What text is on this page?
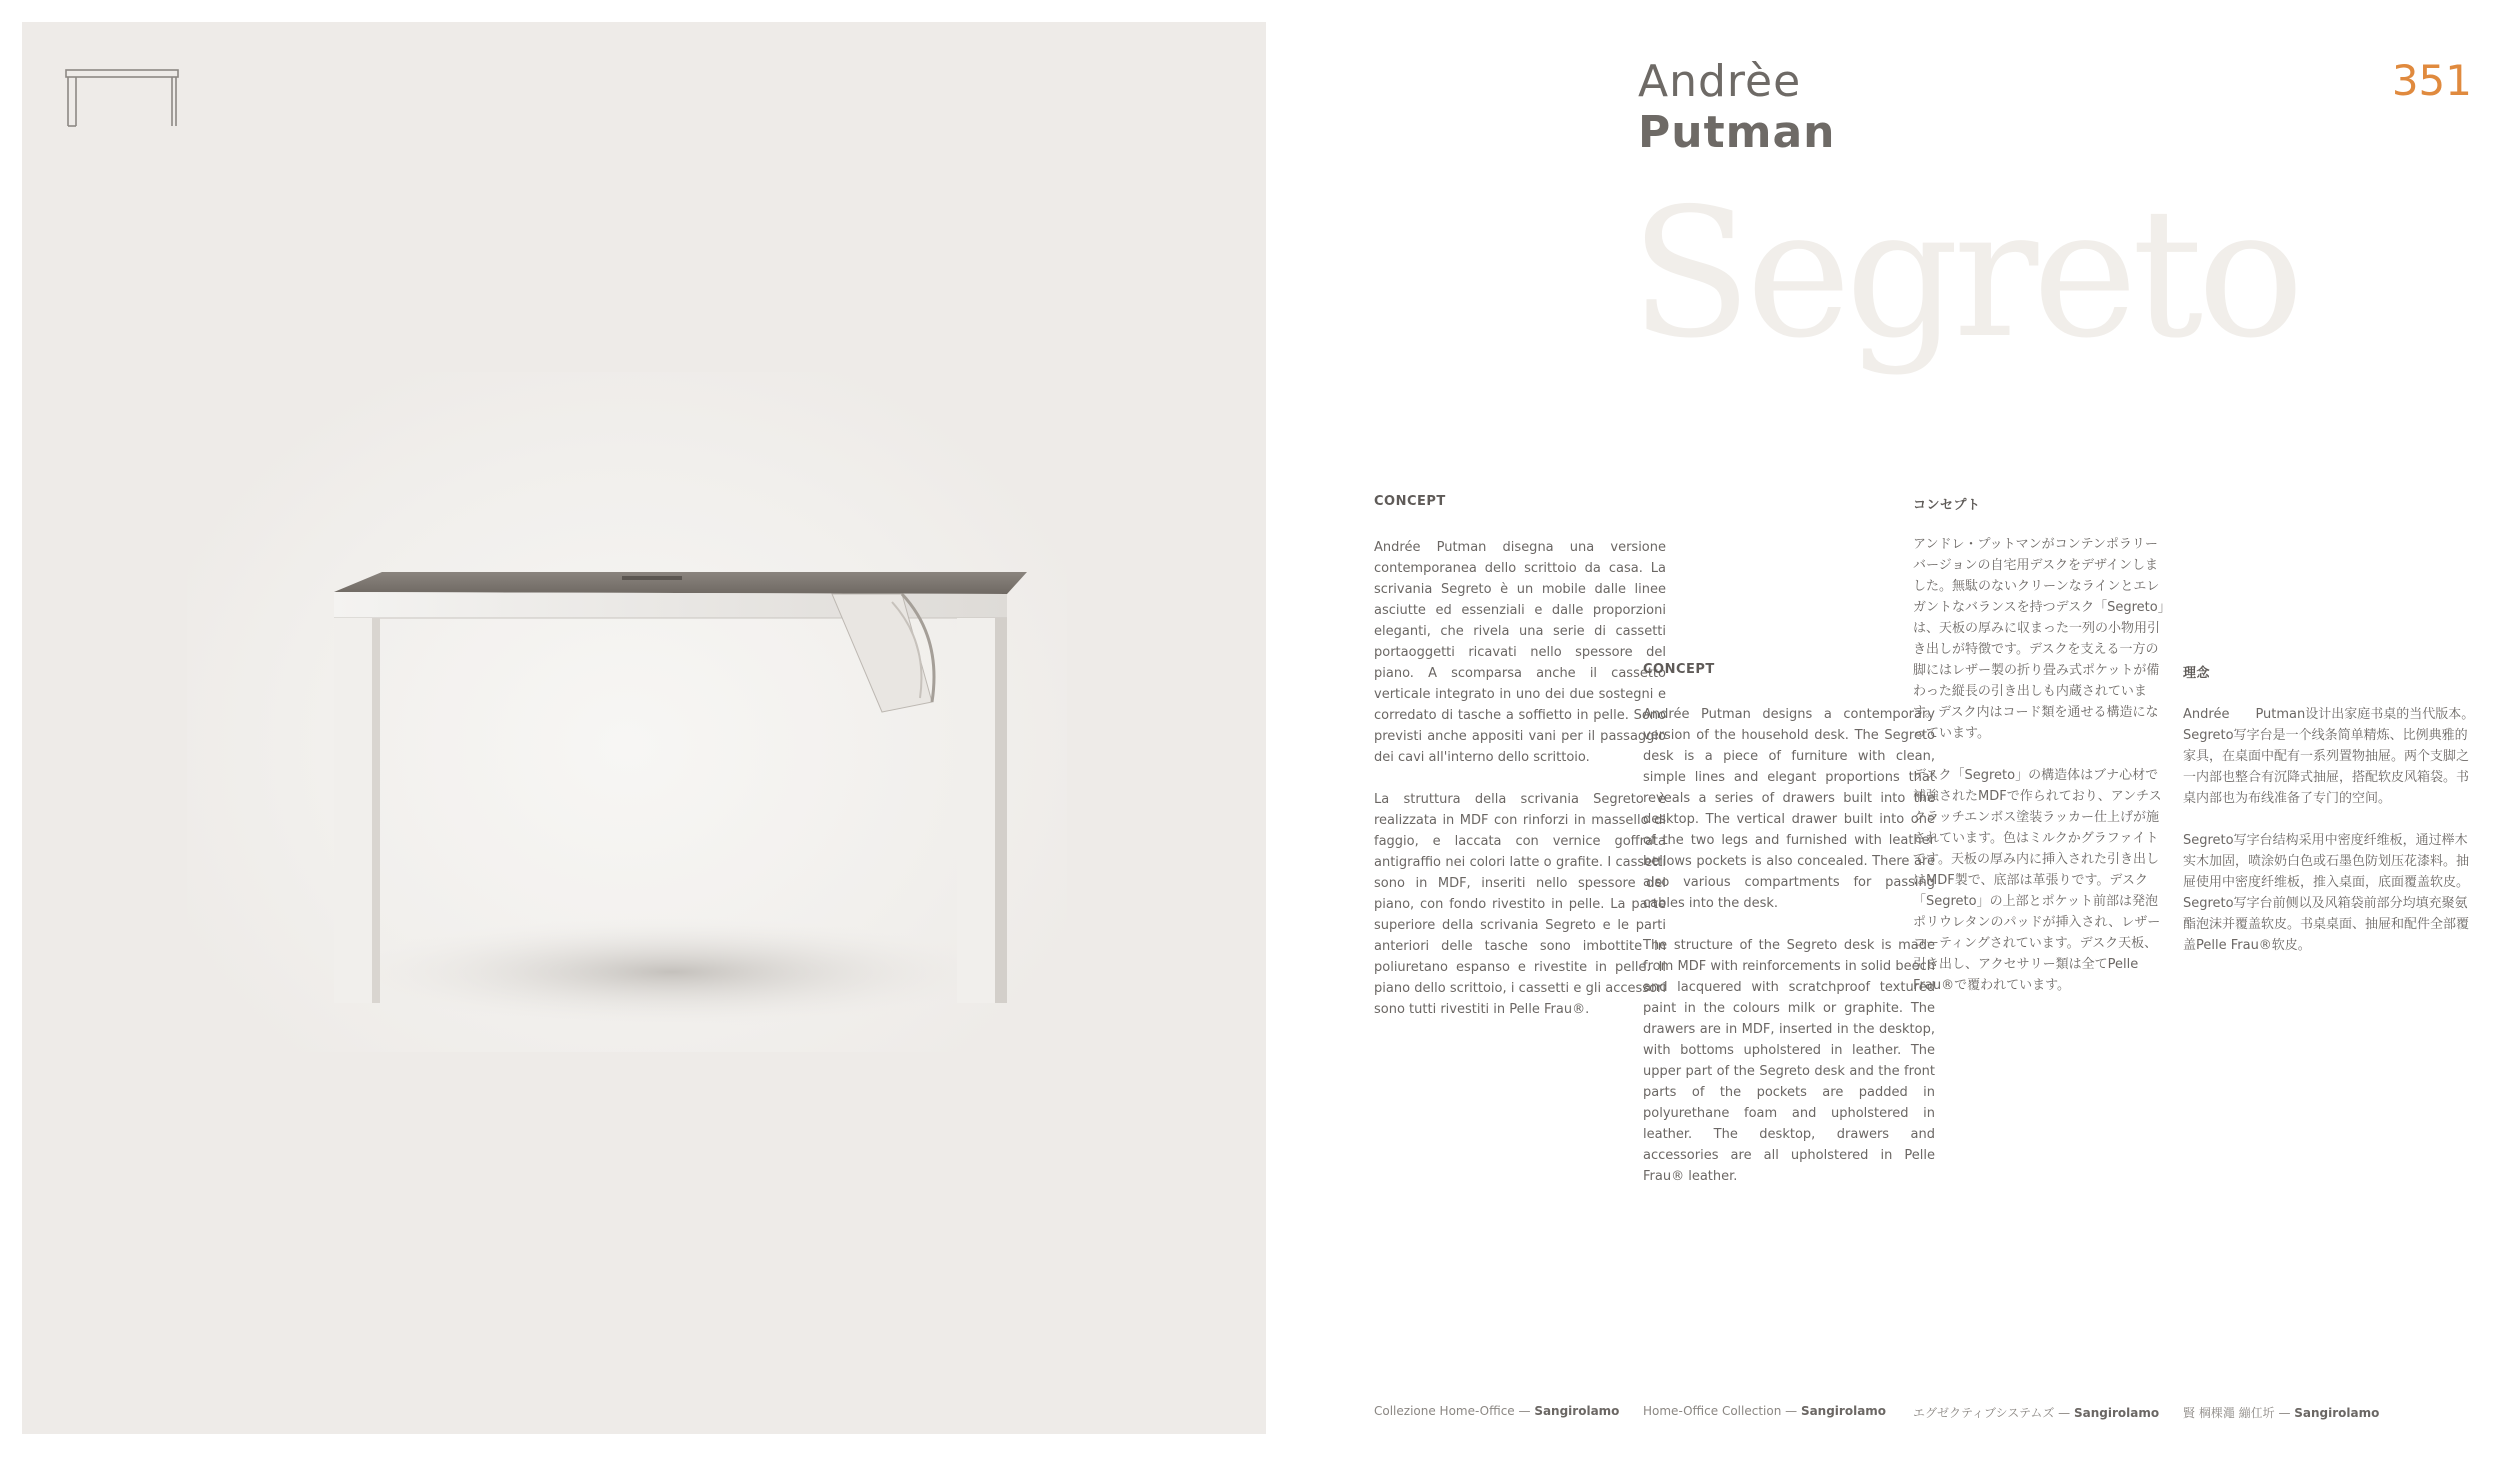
Andrèe
Putman
351
Segreto
CONCEPT

Andrée Putman disegna una versione contemporanea dello scrittoio da casa. La scrivania Segreto è un mobile dalle linee asciutte ed essenziali e dalle proporzioni eleganti, che rivela una serie di cassetti portaoggetti ricavati nello spessore del piano. A scomparsa anche il cassetto verticale integrato in uno dei due sostegni e corredato di tasche a soffietto in pelle. Sono previsti anche appositi vani per il passaggio dei cavi all'interno dello scrittoio.

La struttura della scrivania Segreto è realizzata in MDF con rinforzi in massello di faggio, e laccata con vernice goffrata antigraffio nei colori latte o grafite. I cassetti sono in MDF, inseriti nello spessore del piano, con fondo rivestito in pelle. La parte superiore della scrivania Segreto e le parti anteriori delle tasche sono imbottite in poliuretano espanso e rivestite in pelle. Il piano dello scrittoio, i cassetti e gli accessori sono tutti rivestiti in Pelle Frau®.

CONCEPT

Andrée Putman designs a contemporary version of the household desk. The Segreto desk is a piece of furniture with clean, simple lines and elegant proportions that reveals a series of drawers built into the desktop. The vertical drawer built into one of the two legs and furnished with leather bellows pockets is also concealed. There are also various compartments for passing cables into the desk.

The structure of the Segreto desk is made from MDF with reinforcements in solid beech and lacquered with scratchproof textured paint in the colours milk or graphite. The drawers are in MDF, inserted in the desktop, with bottoms upholstered in leather. The upper part of the Segreto desk and the front parts of the pockets are padded in polyurethane foam and upholstered in leather. The desktop, drawers and accessories are all upholstered in Pelle Frau® leather.

コンセプト

アンドレ・プットマンがコンテンポラリーバージョンの自宅用デスクをデザインしました。無駄のないクリーンなラインとエレガントなバランスを持つデスク「Segreto」は、天板の厚みに収まった一列の小物用引き出しが特徴です。デスクを支える一方の脚にはレザー製の折り畳み式ポケットが備わった縦長の引き出しも内蔵されています。デスク内はコード類を通せる構造になっています。

デスク「Segreto」の構造体はブナ心材で補強されたMDFで作られており、アンチスクラッチエンボス塗装ラッカー仕上げが施されています。色はミルクかグラファイトです。天板の厚み内に挿入された引き出しはMDF製で、底部は革張りです。デスク「Segreto」の上部とポケット前部は発泡ポリウレタンのパッドが挿入され、レザーコーティングされています。デスク天板、引き出し、アクセサリー類は全てPelle Frau®で覆われています。

理念

Andrée　　Putman设计出家庭书桌的当代版本。Segreto写字台是一个线条简单精炼、比例典雅的家具，在桌面中配有一系列置物抽屉。两个支脚之一内部也整合有沉降式抽屉，搭配软皮风箱袋。书桌内部也为布线准备了专门的空间。

Segreto写字台结构采用中密度纤维板，通过榉木实木加固，喷涂奶白色或石墨色防划压花漆料。抽屉使用中密度纤维板，推入桌面，底面覆盖软皮。Segreto写字台前侧以及风箱袋前部分均填充聚氨酯泡沫并覆盖软皮。书桌桌面、抽屉和配件全部覆盖Pelle Frau®软皮。

Collezione Home-Office — Sangirolamo Home-Office Collection — Sangirolamo エグゼクティブシステムズ — Sangirolamo 賢 棡棵澠 繃仜圻 — Sangirolamo
